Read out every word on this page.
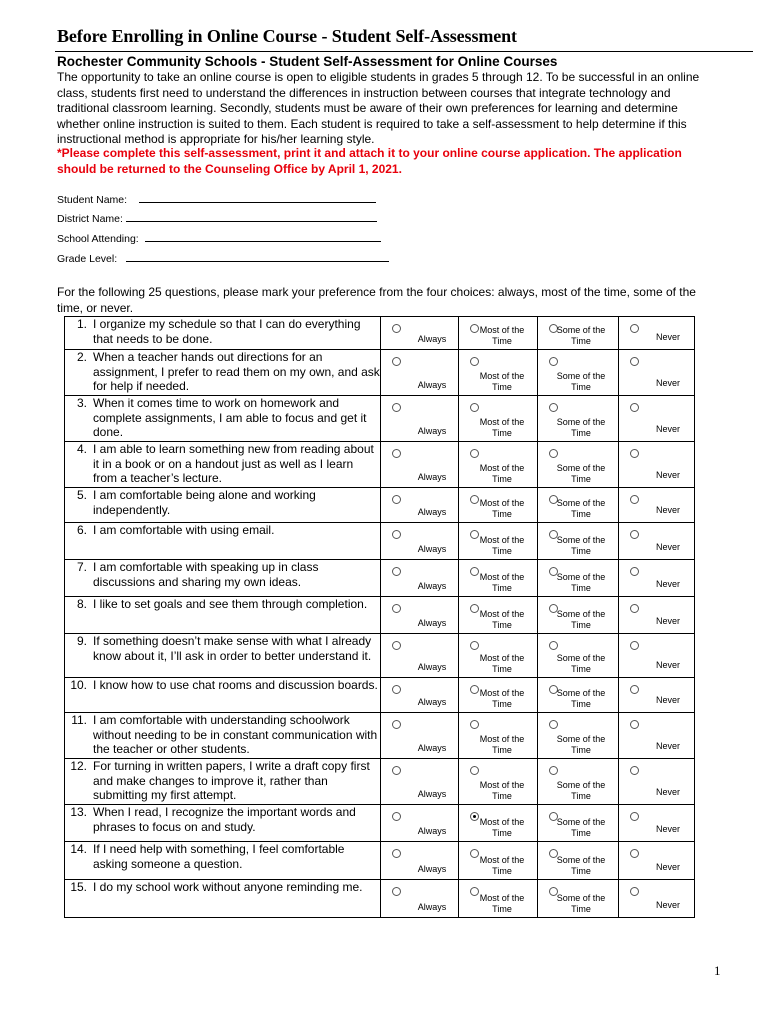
Before Enrolling in Online Course - Student Self-Assessment
Rochester Community Schools - Student Self-Assessment for Online Courses
The opportunity to take an online course is open to eligible students in grades 5 through 12. To be successful in an online class, students first need to understand the differences in instruction between courses that integrate technology and traditional classroom learning. Secondly, students must be aware of their own preferences for learning and determine whether online instruction is suited to them. Each student is required to take a self-assessment to help determine if this instructional method is appropriate for his/her learning style.
*Please complete this self-assessment, print it and attach it to your online course application. The application should be returned to the Counseling Office by April 1, 2021.
Student Name:
District Name:
School Attending:
Grade Level:
For the following 25 questions, please mark your preference from the four choices: always, most of the time, some of the time, or never.
1. I organize my schedule so that I can do everything that needs to be done.	Always	Most of the Time	Some of the Time	Never

2. When a teacher hands out directions for an assignment, I prefer to read them on my own, and ask for help if needed.	Always	Most of the Time	Some of the Time	Never

3. When it comes time to work on homework and complete assignments, I am able to focus and get it done.	Always	Most of the Time	Some of the Time	Never

4. I am able to learn something new from reading about it in a book or on a handout just as well as I learn from a teacher’s lecture.	Always	Most of the Time	Some of the Time	Never

5. I am comfortable being alone and working independently.	Always	Most of the Time	Some of the Time	Never

6. I am comfortable with using email.	Always	Most of the Time	Some of the Time	Never

7. I am comfortable with speaking up in class discussions and sharing my own ideas.	Always	Most of the Time	Some of the Time	Never

8. I like to set goals and see them through completion.	Always	Most of the Time	Some of the Time	Never

9. If something doesn’t make sense with what I already know about it, I’ll ask in order to better understand it.	Always	Most of the Time	Some of the Time	Never

10. I know how to use chat rooms and discussion boards.	Always	Most of the Time	Some of the Time	Never

11. I am comfortable with understanding schoolwork without needing to be in constant communication with the teacher or other students.	Always	Most of the Time	Some of the Time	Never

12. For turning in written papers, I write a draft copy first and make changes to improve it, rather than submitting my first attempt.	Always	Most of the Time	Some of the Time	Never

13. When I read, I recognize the important words and phrases to focus on and study.	Always	Most of the Time	Some of the Time	Never

14. If I need help with something, I feel comfortable asking someone a question.	Always	Most of the Time	Some of the Time	Never

15. I do my school work without anyone reminding me.	Always	Most of the Time	Some of the Time	Never
1
